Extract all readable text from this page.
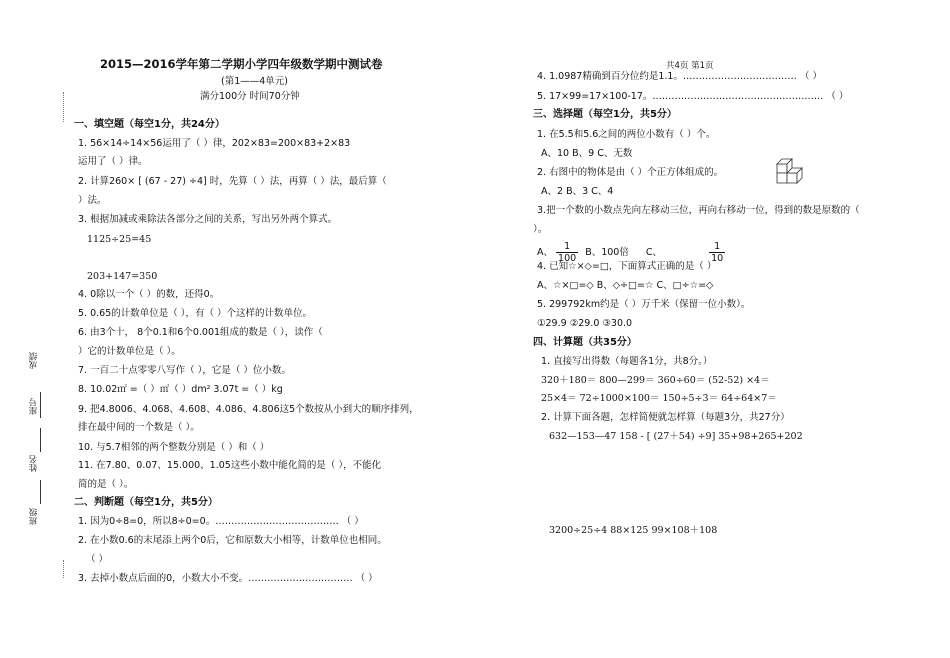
成绩
座号
姓名
班级
2015—2016学年第二学期小学四年级数学期中测试卷
(第1——4单元)
满分100分 时间70分钟
共4页 第1页
一、填空题（每空1分，共24分）
1. 56×14÷14×56运用了（ ）律，202×83=200×83+2×83
运用了（ ）律。
2. 计算260× [ (67 - 27) ÷4] 时，先算（ ）法，再算（ ）法，最后算（
）法。
3. 根据加减或乘除法各部分之间的关系，写出另外两个算式。
1125÷25=45
203+147=350
4. 0除以一个（ ）的数，还得0。
5. 0.65的计数单位是（ ），有（ ）个这样的计数单位。
6. 由3个十， 8个0.1和6个0.001组成的数是（ ），读作（
）它的计数单位是（ ）。
7. 一百二十点零零八写作（ ），它是（ ）位小数。
8. 10.02㎡ =（ ）㎡（ ）dm² 3.07t =（ ）kg
9. 把4.8006、4.068、4.608、4.086、4.806这5个数按从小到大的顺序排列，
排在最中间的一个数是（ ）。
10. 与5.7相邻的两个整数分别是（ ）和（ ）
11. 在7.80、0.07、15.000、1.05这些小数中能化简的是（ ），不能化
简的是（ ）。
二、判断题（每空1分，共5分）
1. 因为0÷8=0，所以8÷0=0。………………………………… （ ）
2. 在小数0.6的末尾添上两个0后，它和原数大小相等，计数单位也相同。
（ ）
3. 去掉小数点后面的0，小数大小不变。…………………………… （ ）
4. 1.0987精确到百分位约是1.1。……………………………… （ ）
5. 17×99=17×100-17。……………………………………………… （ ）
三、选择题（每空1分，共5分）
1. 在5.5和5.6之间的两位小数有（ ）个。
A、10 B、9 C、无数
2. 右图中的物体是由（ ）个正方体组成的。
A、2 B、3 C、4
3.把一个数的小数点先向左移动三位，再向右移动一位，得到的数是原数的（
）。
A、 $\frac{1}{100}$ B、100倍 C、	$\frac{1}{10}$
4. 已知☆×◇=□，下面算式正确的是（ ）
A、☆×□=◇ B、◇÷□=☆ C、□÷☆=◇
5. 299792km约是（ ）万千米（保留一位小数）。
①29.9 ②29.0 ③30.0
四、计算题（共35分）
1. 直接写出得数（每题各1分，共8分。）
320＋180＝ 800—299＝ 360÷60＝ (52-52) ×4＝
25×4＝ 72÷1000×100＝ 150÷5÷3＝ 64÷64×7＝
2. 计算下面各题，怎样简便就怎样算（每题3分，共27分）
632—153—47 158 - [ (27＋54) ÷9] 35+98+265+202
3200÷25÷4 88×125 99×108＋108
